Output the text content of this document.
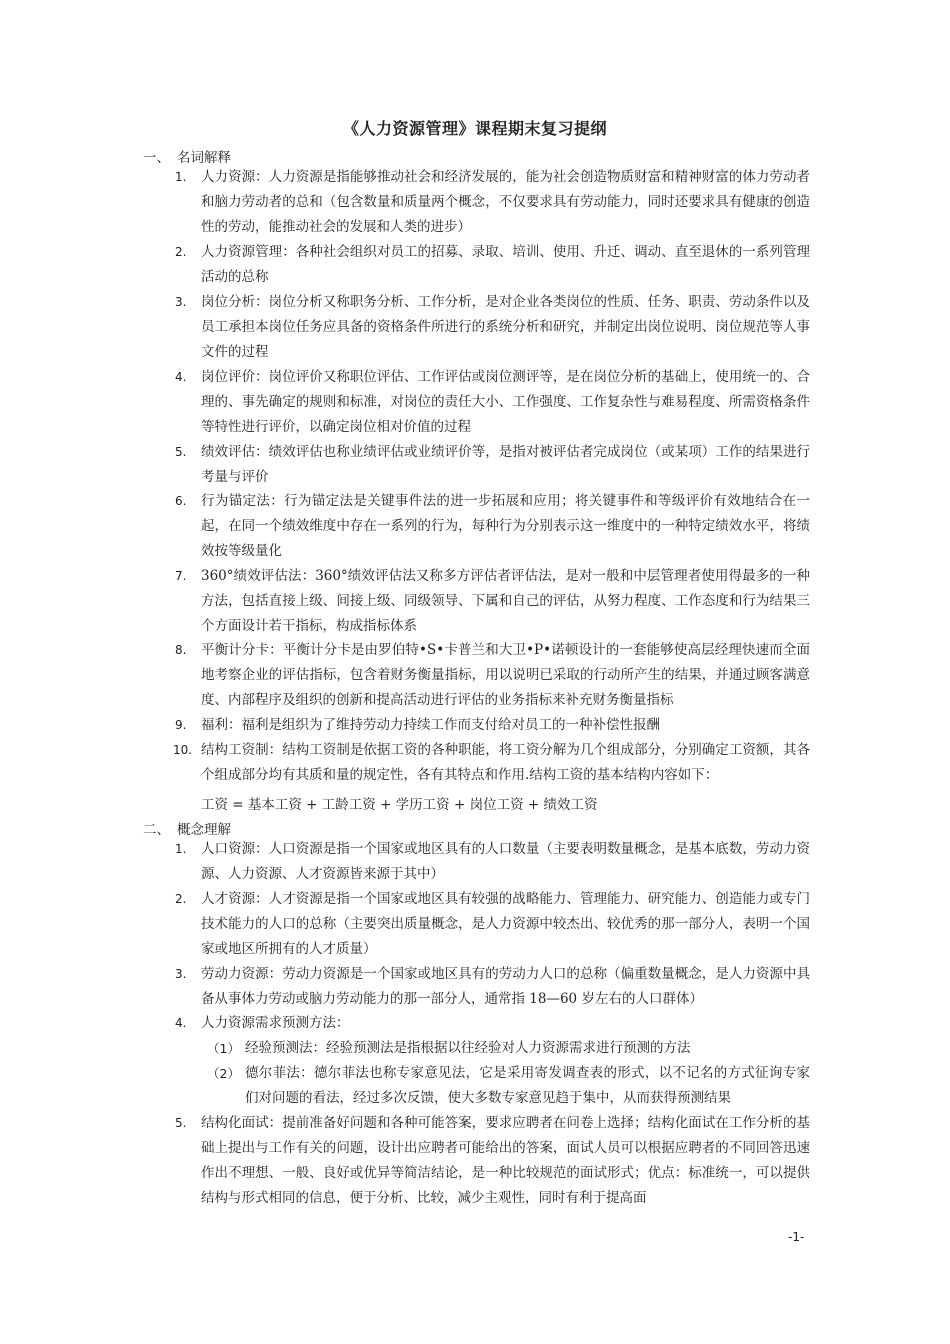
《人力资源管理》课程期末复习提纲
一、 名词解释
1. 人力资源：人力资源是指能够推动社会和经济发展的，能为社会创造物质财富和精神财富的体力劳动者和脑力劳动者的总和（包含数量和质量两个概念，不仅要求具有劳动能力，同时还要求具有健康的创造性的劳动，能推动社会的发展和人类的进步）
2. 人力资源管理：各种社会组织对员工的招募、录取、培训、使用、升迁、调动、直至退休的一系列管理活动的总称
3. 岗位分析：岗位分析又称职务分析、工作分析，是对企业各类岗位的性质、任务、职责、劳动条件以及员工承担本岗位任务应具备的资格条件所进行的系统分析和研究，并制定出岗位说明、岗位规范等人事文件的过程
4. 岗位评价：岗位评价又称职位评估、工作评估或岗位测评等，是在岗位分析的基础上，使用统一的、合理的、事先确定的规则和标准，对岗位的责任大小、工作强度、工作复杂性与难易程度、所需资格条件等特性进行评价，以确定岗位相对价值的过程
5. 绩效评估：绩效评估也称业绩评估或业绩评价等，是指对被评估者完成岗位（或某项）工作的结果进行考量与评价
6. 行为锚定法：行为锚定法是关键事件法的进一步拓展和应用；将关键事件和等级评价有效地结合在一起，在同一个绩效维度中存在一系列的行为，每种行为分别表示这一维度中的一种特定绩效水平，将绩效按等级量化
7. 360°绩效评估法：360°绩效评估法又称多方评估者评估法，是对一般和中层管理者使用得最多的一种方法，包括直接上级、间接上级、同级领导、下属和自己的评估，从努力程度、工作态度和行为结果三个方面设计若干指标，构成指标体系
8. 平衡计分卡：平衡计分卡是由罗伯特•S•卡普兰和大卫•P•诺顿设计的一套能够使高层经理快速而全面地考察企业的评估指标，包含着财务衡量指标，用以说明已采取的行动所产生的结果，并通过顾客满意度、内部程序及组织的创新和提高活动进行评估的业务指标来补充财务衡量指标
9. 福利：福利是组织为了维持劳动力持续工作而支付给对员工的一种补偿性报酬
10. 结构工资制：结构工资制是依据工资的各种职能，将工资分解为几个组成部分，分别确定工资额，其各个组成部分均有其质和量的规定性，各有其特点和作用.结构工资的基本结构内容如下：
工资 = 基本工资 + 工龄工资 + 学历工资 + 岗位工资 + 绩效工资
二、 概念理解
1. 人口资源：人口资源是指一个国家或地区具有的人口数量（主要表明数量概念，是基本底数，劳动力资源、人力资源、人才资源皆来源于其中）
2. 人才资源：人才资源是指一个国家或地区具有较强的战略能力、管理能力、研究能力、创造能力或专门技术能力的人口的总称（主要突出质量概念，是人力资源中较杰出、较优秀的那一部分人，表明一个国家或地区所拥有的人才质量）
3. 劳动力资源：劳动力资源是一个国家或地区具有的劳动力人口的总称（偏重数量概念，是人力资源中具备从事体力劳动或脑力劳动能力的那一部分人，通常指 18—60 岁左右的人口群体）
4. 人力资源需求预测方法：
（1） 经验预测法：经验预测法是指根据以往经验对人力资源需求进行预测的方法
（2） 德尔菲法：德尔菲法也称专家意见法，它是采用寄发调查表的形式，以不记名的方式征询专家们对问题的看法，经过多次反馈，使大多数专家意见趋于集中，从而获得预测结果
5. 结构化面试：提前准备好问题和各种可能答案，要求应聘者在问卷上选择；结构化面试在工作分析的基础上提出与工作有关的问题，设计出应聘者可能给出的答案，面试人员可以根据应聘者的不同回答迅速作出不理想、一般、良好或优异等简洁结论，是一种比较规范的面试形式；优点：标准统一，可以提供结构与形式相同的信息，便于分析、比较，减少主观性，同时有利于提高面
-1-
